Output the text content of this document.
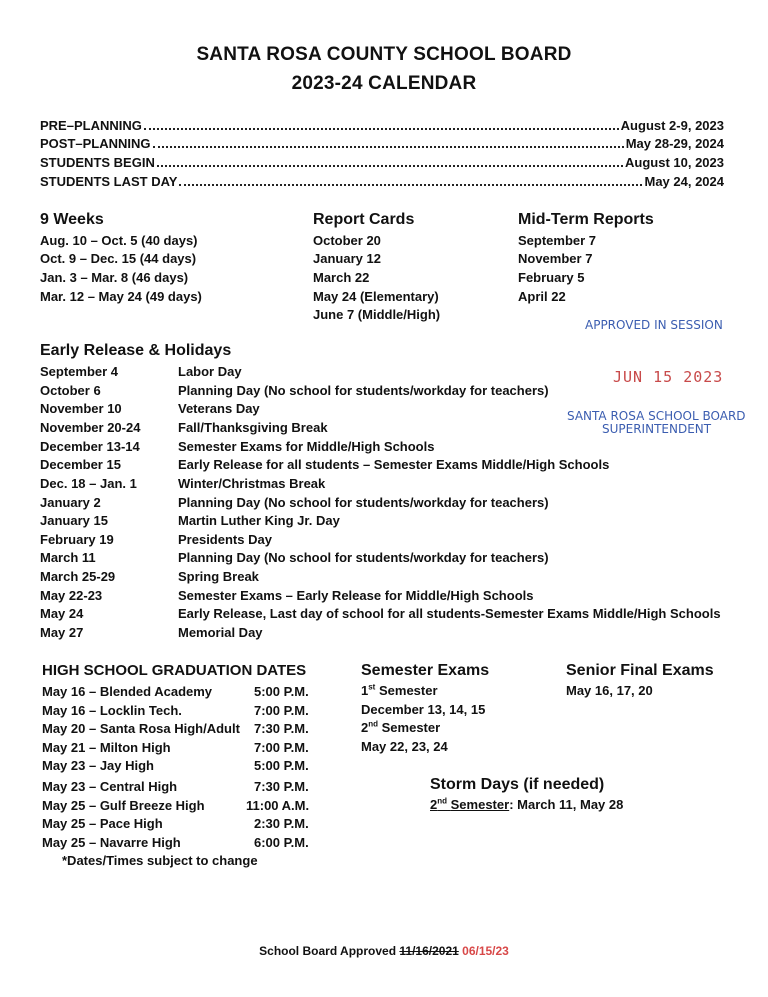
SANTA ROSA COUNTY SCHOOL BOARD
2023-24 CALENDAR
PRE–PLANNING	August 2-9, 2023
POST–PLANNING	May 28-29, 2024
STUDENTS BEGIN	August 10, 2023
STUDENTS LAST DAY	May 24, 2024
9 Weeks
Aug. 10 – Oct. 5 (40 days)
Oct. 9 – Dec. 15 (44 days)
Jan. 3 – Mar. 8 (46 days)
Mar. 12 – May 24 (49 days)
Report Cards
October 20
January 12
March 22
May 24 (Elementary)
June 7 (Middle/High)
Mid-Term Reports
September 7
November 7
February 5
April 22
APPROVED IN SESSION
JUN 15 2023
SANTA ROSA SCHOOL BOARD
SUPERINTENDENT
Early Release & Holidays
September 4	Labor Day
October 6	Planning Day (No school for students/workday for teachers)
November 10	Veterans Day
November 20-24	Fall/Thanksgiving Break
December 13-14	Semester Exams for Middle/High Schools
December 15	Early Release for all students – Semester Exams Middle/High Schools
Dec. 18 – Jan. 1	Winter/Christmas Break
January 2	Planning Day (No school for students/workday for teachers)
January 15	Martin Luther King Jr. Day
February 19	Presidents Day
March 11	Planning Day (No school for students/workday for teachers)
March 25-29	Spring Break
May 22-23	Semester Exams – Early Release for Middle/High Schools
May 24	Early Release, Last day of school for all students-Semester Exams Middle/High Schools
May 27	Memorial Day
HIGH SCHOOL GRADUATION DATES
May 16 – Blended Academy	5:00 P.M.
May 16 – Locklin Tech.	7:00 P.M.
May 20 – Santa Rosa High/Adult 7:30 P.M.
May 21 – Milton High	7:00 P.M.
May 23 – Jay High	5:00 P.M.
May 23 – Central High	7:30 P.M.
May 25 – Gulf Breeze High	11:00 A.M.
May 25 – Pace High	2:30 P.M.
May 25 – Navarre High	6:00 P.M.
*Dates/Times subject to change
Semester Exams
1st Semester
December 13, 14, 15
2nd Semester
May 22, 23, 24
Senior Final Exams
May 16, 17, 20
Storm Days (if needed)
2nd Semester: March 11, May 28
School Board Approved 11/16/2021 06/15/23
